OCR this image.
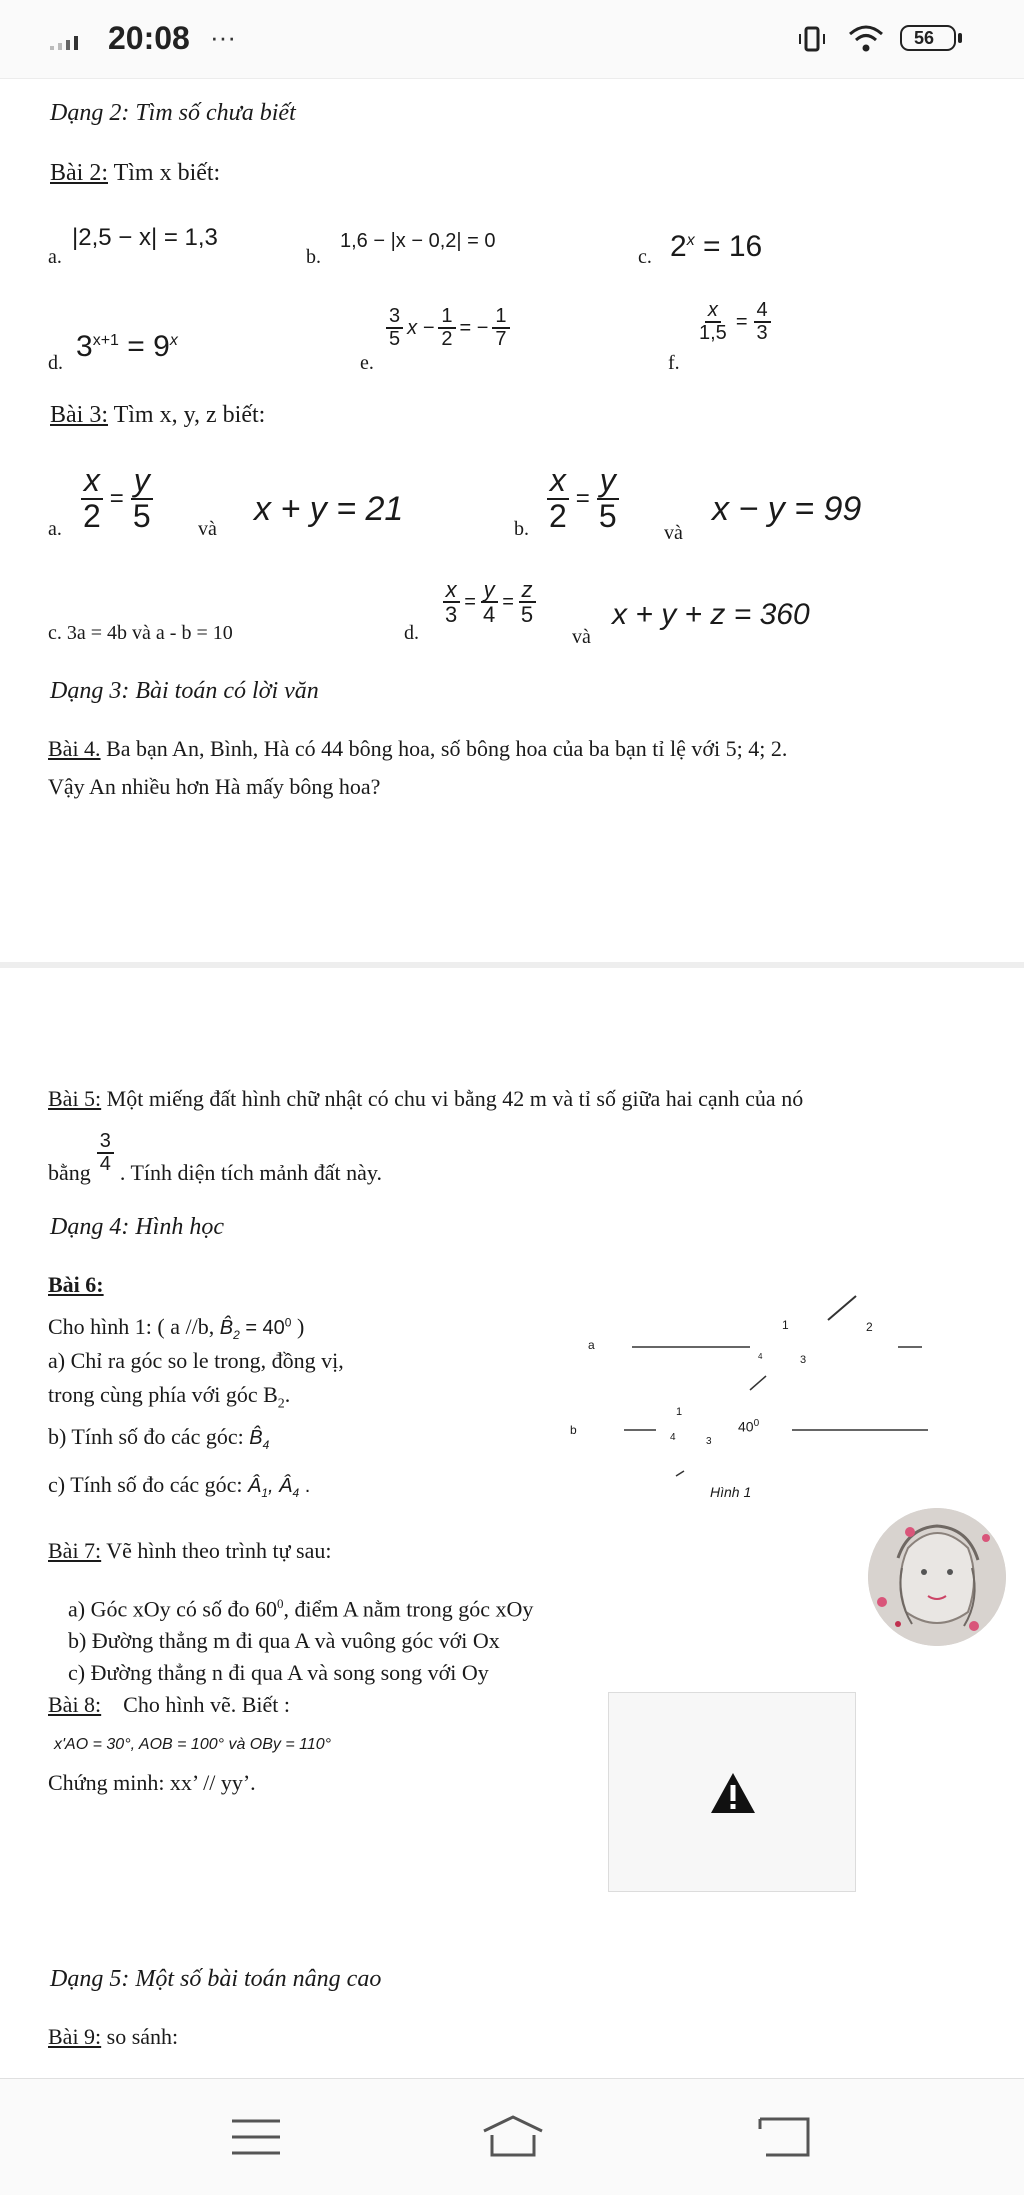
20:08 ···	56
Dạng 2: Tìm số chưa biết
Bài 2: Tìm x biết:
a.
|2,5 − x| = 1,3
b.
1,6 − |x − 0,2| = 0
c. $2^x = 16$
d. $3^{x+1} = 9^x$
e.
$\frac{3}{5}$ $x - \frac{1}{2}$ = − $\frac{1}{7}$
f.
$\frac{x}{1,5} = \frac{4}{3}$
Bài 3: Tìm x, y, z biết:
a. $\frac{x}{2} = \frac{y}{5}$ và
x + y = 21
b. $\frac{x}{2} = \frac{y}{5}$ và
x − y = 99
c. 3a = 4b và a - b = 10	d.
$\frac{x}{3} = \frac{y}{4} = \frac{z}{5}$
và
x + y + z = 360
Dạng 3: Bài toán có lời văn
Bài 4. Ba bạn An, Bình, Hà có 44 bông hoa, số bông hoa của ba bạn tỉ lệ với 5; 4; 2.
Vậy An nhiều hơn Hà mấy bông hoa?
Bài 5: Một miếng đất hình chữ nhật có chu vi bằng 42 m và tỉ số giữa hai cạnh của nó
bằng $\frac{3}{4}$ . Tính diện tích mảnh đất này.
Dạng 4: Hình học
Bài 6:
Cho hình 1: ( a //b, $B̂_2 = 40^0$ )
a) Chỉ ra góc so le trong, đồng vị,
trong cùng phía với góc $B_2$.
b) Tính số đo các góc: $B̂_4$
c) Tính số đo các góc: $Â_1$, $Â_4$ .
a
b
1	2
3
4
1
4	3
$40^0$
Hình 1
Bài 7: Vẽ hình theo trình tự sau:
a) Góc xOy có số đo $60^0$, điểm A nằm trong góc xOy
b) Đường thẳng m đi qua A và vuông góc với Ox
c) Đường thẳng n đi qua A và song song với Oy
Bài 8:    Cho hình vẽ. Biết :
x'AO = 30°, AOB = 100° và OBy = 110°
Chứng minh: xx’ // yy’.
Dạng 5: Một số bài toán nâng cao
Bài 9: so sánh:
